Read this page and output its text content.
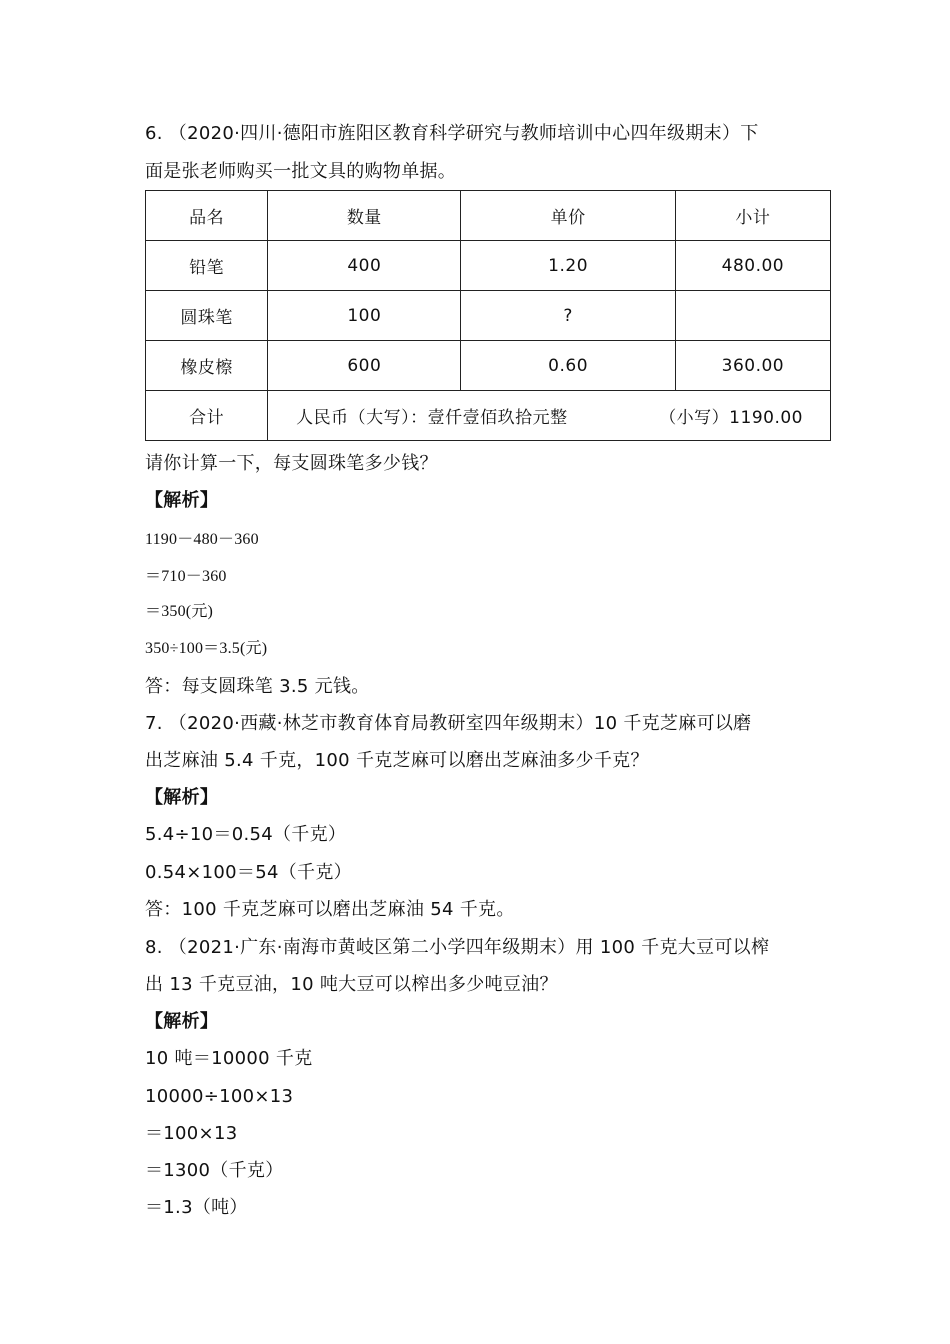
6. （2020·四川·德阳市旌阳区教育科学研究与教师培训中心四年级期末）下
面是张老师购买一批文具的购物单据。
品名	数量	单价	小计
铅笔	400	1.20	480.00
圆珠笔	100	?	
橡皮檫	600	0.60	360.00
合计	人民币（大写）：壹仟壹佰玖拾元整 （小写）1190.00		
请你计算一下，每支圆珠笔多少钱？
【解析】
1190－480－360
＝710－360
＝350(元)
350÷100＝3.5(元)
答：每支圆珠笔 3.5 元钱。
7. （2020·西藏·林芝市教育体育局教研室四年级期末）10 千克芝麻可以磨
出芝麻油 5.4 千克，100 千克芝麻可以磨出芝麻油多少千克？
【解析】
5.4÷10＝0.54（千克）
0.54×100＝54（千克）
答：100 千克芝麻可以磨出芝麻油 54 千克。
8. （2021·广东·南海市黄岐区第二小学四年级期末）用 100 千克大豆可以榨
出 13 千克豆油，10 吨大豆可以榨出多少吨豆油？
【解析】
10 吨＝10000 千克
10000÷100×13
＝100×13
＝1300（千克）
＝1.3（吨）
